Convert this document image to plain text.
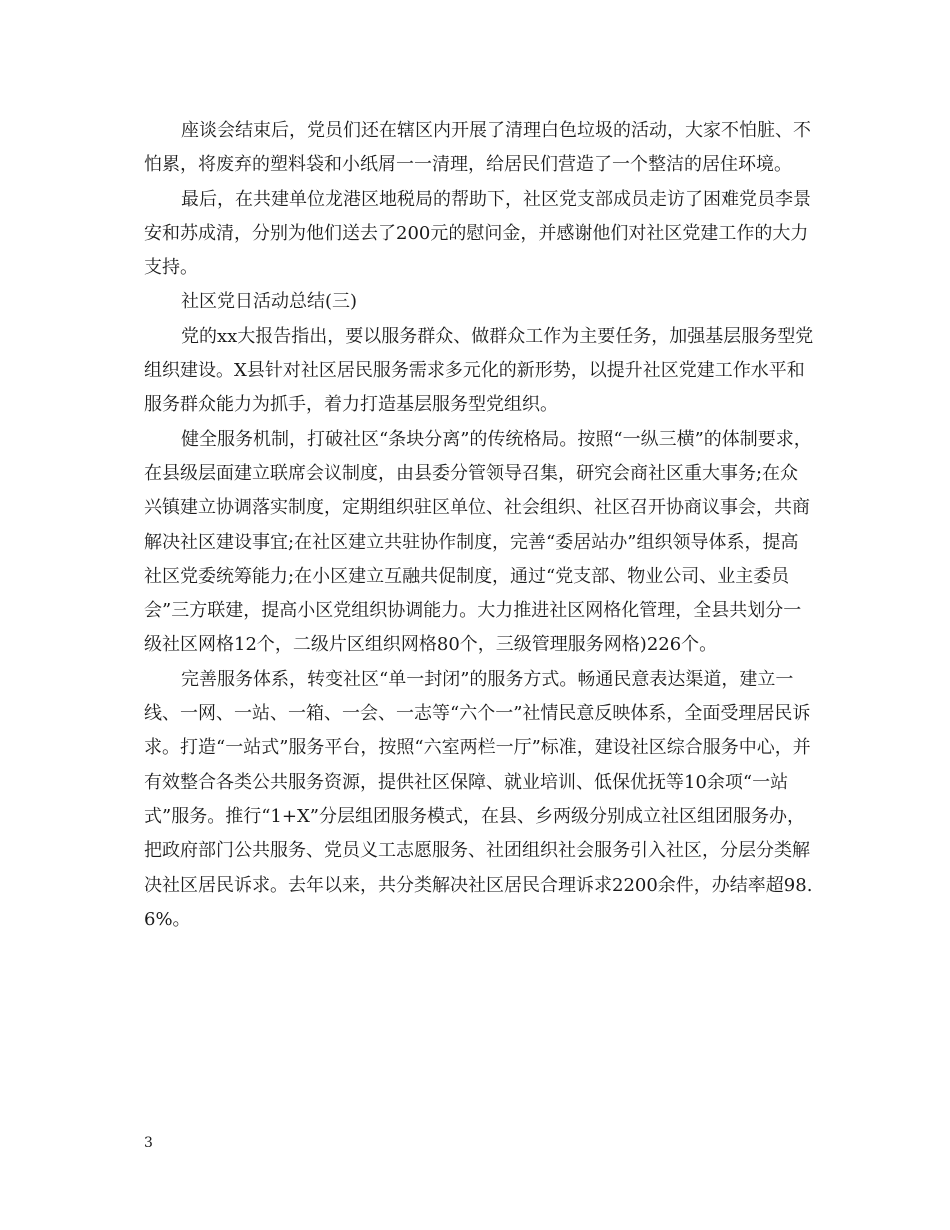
座谈会结束后，党员们还在辖区内开展了清理白色垃圾的活动，大家不怕脏、不怕累，将废弃的塑料袋和小纸屑一一清理，给居民们营造了一个整洁的居住环境。

最后，在共建单位龙港区地税局的帮助下，社区党支部成员走访了困难党员李景安和苏成清，分别为他们送去了200元的慰问金，并感谢他们对社区党建工作的大力支持。

社区党日活动总结(三)

党的xx大报告指出，要以服务群众、做群众工作为主要任务，加强基层服务型党组织建设。X县针对社区居民服务需求多元化的新形势，以提升社区党建工作水平和服务群众能力为抓手，着力打造基层服务型党组织。

健全服务机制，打破社区“条块分离”的传统格局。按照“一纵三横”的体制要求，在县级层面建立联席会议制度，由县委分管领导召集，研究会商社区重大事务;在众兴镇建立协调落实制度，定期组织驻区单位、社会组织、社区召开协商议事会，共商解决社区建设事宜;在社区建立共驻协作制度，完善“委居站办”组织领导体系，提高社区党委统筹能力;在小区建立互融共促制度，通过“党支部、物业公司、业主委员会”三方联建，提高小区党组织协调能力。大力推进社区网格化管理，全县共划分一级社区网格12个，二级片区组织网格80个，三级管理服务网格)226个。

完善服务体系，转变社区“单一封闭”的服务方式。畅通民意表达渠道，建立一线、一网、一站、一箱、一会、一志等“六个一”社情民意反映体系，全面受理居民诉求。打造“一站式”服务平台，按照“六室两栏一厅”标准，建设社区综合服务中心，并有效整合各类公共服务资源，提供社区保障、就业培训、低保优抚等10余项“一站式”服务。推行“1+X”分层组团服务模式，在县、乡两级分别成立社区组团服务办，把政府部门公共服务、党员义工志愿服务、社团组织社会服务引入社区，分层分类解决社区居民诉求。去年以来，共分类解决社区居民合理诉求2200余件，办结率超98.6%。

3
